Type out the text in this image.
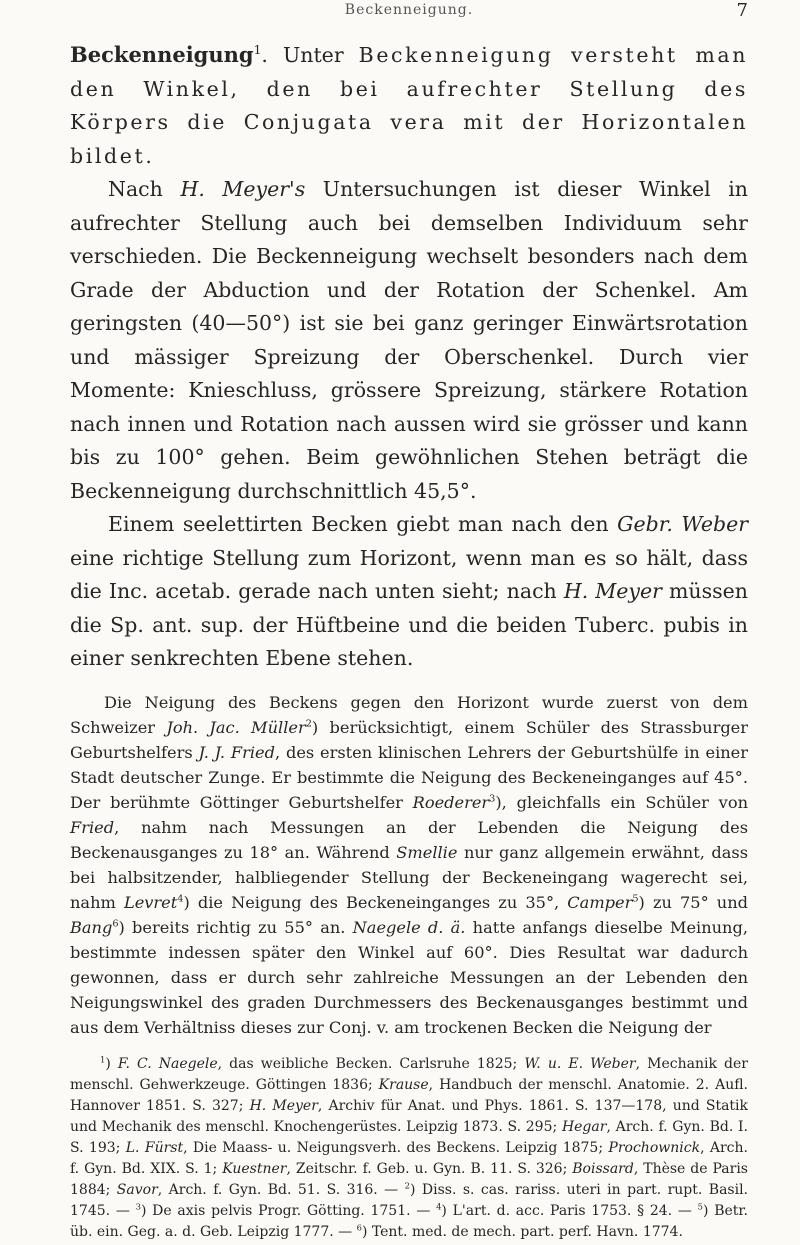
Beckenneigung.	7

Beckenneigung$^1$. Unter Beckenneigung versteht man den Winkel, den bei aufrechter Stellung des Körpers die Conjugata vera mit der Horizontalen bildet.

Nach H. Meyer's Untersuchungen ist dieser Winkel in aufrechter Stellung auch bei demselben Individuum sehr verschieden. Die Beckenneigung wechselt besonders nach dem Grade der Abduction und der Rotation der Schenkel. Am geringsten (40—50°) ist sie bei ganz geringer Einwärtsrotation und mässiger Spreizung der Oberschenkel. Durch vier Momente: Knieschluss, grössere Spreizung, stärkere Rotation nach innen und Rotation nach aussen wird sie grösser und kann bis zu 100° gehen. Beim gewöhnlichen Stehen beträgt die Beckenneigung durchschnittlich 45,5°.

Einem seelettirten Becken giebt man nach den Gebr. Weber eine richtige Stellung zum Horizont, wenn man es so hält, dass die Inc. acetab. gerade nach unten sieht; nach H. Meyer müssen die Sp. ant. sup. der Hüftbeine und die beiden Tuberc. pubis in einer senkrechten Ebene stehen.

Die Neigung des Beckens gegen den Horizont wurde zuerst von dem Schweizer Joh. Jac. Müller$^2$) berücksichtigt, einem Schüler des Strassburger Geburtshelfers J. J. Fried, des ersten klinischen Lehrers der Geburtshülfe in einer Stadt deutscher Zunge. Er bestimmte die Neigung des Beckeneinganges auf 45°. Der berühmte Göttinger Geburtshelfer Roederer$^3$), gleichfalls ein Schüler von Fried, nahm nach Messungen an der Lebenden die Neigung des Beckenausganges zu 18° an. Während Smellie nur ganz allgemein erwähnt, dass bei halbsitzender, halbliegender Stellung der Beckeneingang wagerecht sei, nahm Levret$^4$) die Neigung des Beckeneinganges zu 35°, Camper$^5$) zu 75° und Bang$^6$) bereits richtig zu 55° an. Naegele d. ä. hatte anfangs dieselbe Meinung, bestimmte indessen später den Winkel auf 60°. Dies Resultat war dadurch gewonnen, dass er durch sehr zahlreiche Messungen an der Lebenden den Neigungswinkel des graden Durchmessers des Beckenausganges bestimmt und aus dem Verhältniss dieses zur Conj. v. am trockenen Becken die Neigung der

$^1$) F. C. Naegele, das weibliche Becken. Carlsruhe 1825; W. u. E. Weber, Mechanik der menschl. Gehwerkzeuge. Göttingen 1836; Krause, Handbuch der menschl. Anatomie. 2. Aufl. Hannover 1851. S. 327; H. Meyer, Archiv für Anat. und Phys. 1861. S. 137—178, und Statik und Mechanik des menschl. Knochengerüstes. Leipzig 1873. S. 295; Hegar, Arch. f. Gyn. Bd. I. S. 193; L. Fürst, Die Maass- u. Neigungsverh. des Beckens. Leipzig 1875; Prochownick, Arch. f. Gyn. Bd. XIX. S. 1; Kuestner, Zeitschr. f. Geb. u. Gyn. B. 11. S. 326; Boissard, Thèse de Paris 1884; Savor, Arch. f. Gyn. Bd. 51. S. 316. — $^2$) Diss. s. cas. rariss. uteri in part. rupt. Basil. 1745. — $^3$) De axis pelvis Progr. Götting. 1751. — $^4$) L'art. d. acc. Paris 1753. § 24. — $^5$) Betr. üb. ein. Geg. a. d. Geb. Leipzig 1777. — $^6$) Tent. med. de mech. part. perf. Havn. 1774.
